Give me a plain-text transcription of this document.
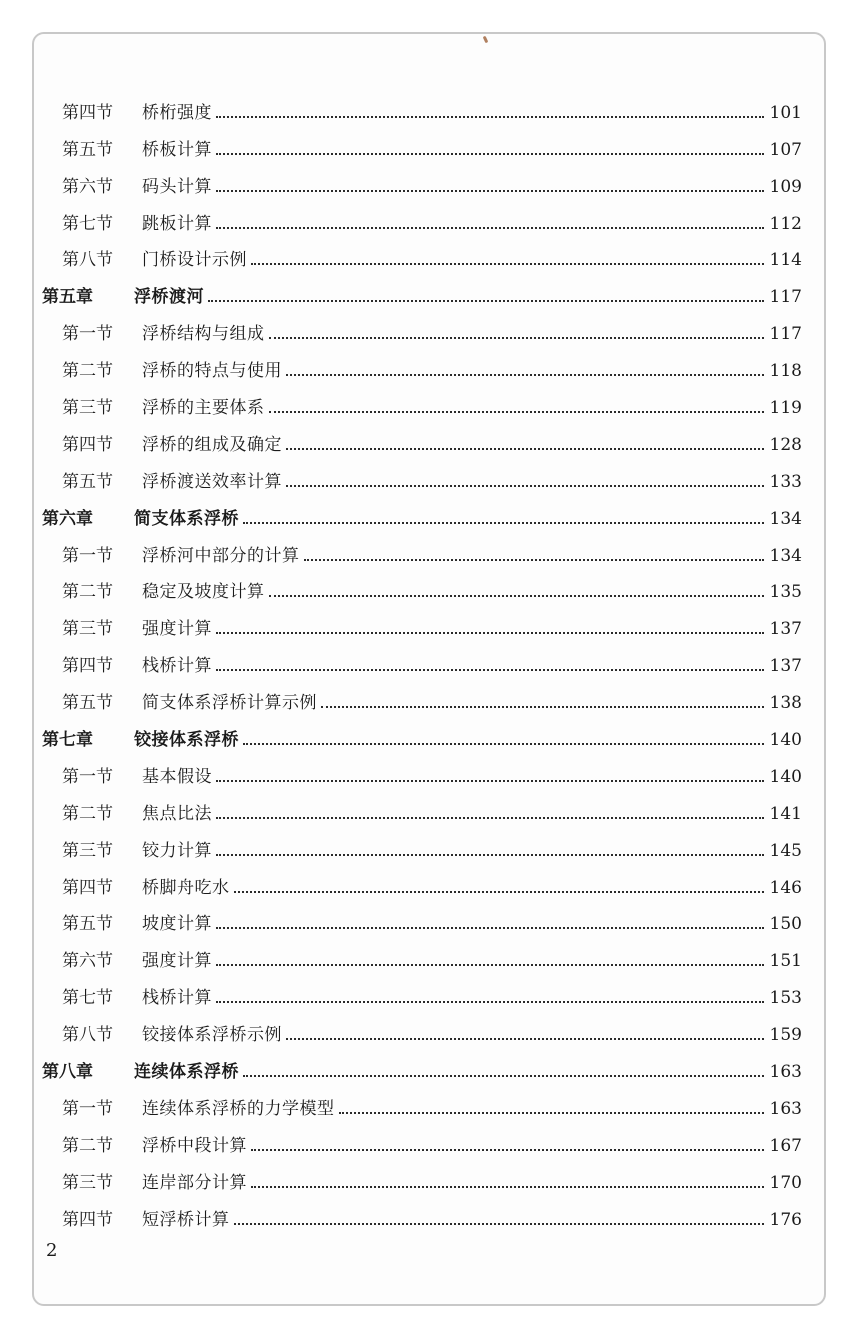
第四节 桥桁强度	101
第五节 桥板计算	107
第六节 码头计算	109
第七节 跳板计算	112
第八节 门桥设计示例	114
第五章 浮桥渡河	117
第一节 浮桥结构与组成	117
第二节 浮桥的特点与使用	118
第三节 浮桥的主要体系	119
第四节 浮桥的组成及确定	128
第五节 浮桥渡送效率计算	133
第六章 简支体系浮桥	134
第一节 浮桥河中部分的计算	134
第二节 稳定及坡度计算	135
第三节 强度计算	137
第四节 栈桥计算	137
第五节 简支体系浮桥计算示例	138
第七章 铰接体系浮桥	140
第一节 基本假设	140
第二节 焦点比法	141
第三节 铰力计算	145
第四节 桥脚舟吃水	146
第五节 坡度计算	150
第六节 强度计算	151
第七节 栈桥计算	153
第八节 铰接体系浮桥示例	159
第八章 连续体系浮桥	163
第一节 连续体系浮桥的力学模型	163
第二节 浮桥中段计算	167
第三节 连岸部分计算	170
第四节 短浮桥计算	176
2
